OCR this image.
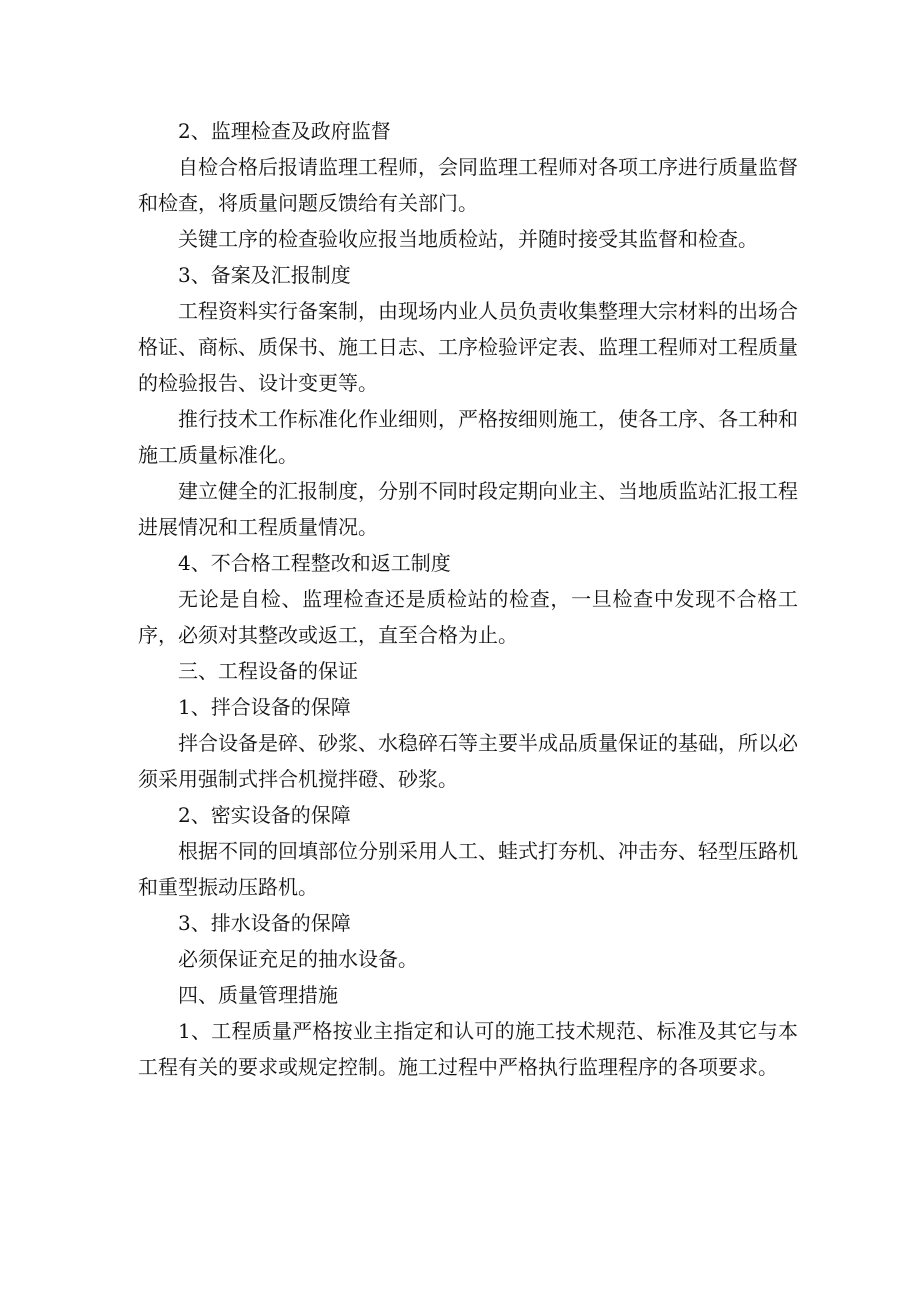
2、监理检查及政府监督

自检合格后报请监理工程师，会同监理工程师对各项工序进行质量监督和检查，将质量问题反馈给有关部门。

关键工序的检查验收应报当地质检站，并随时接受其监督和检查。

3、备案及汇报制度

工程资料实行备案制，由现场内业人员负责收集整理大宗材料的出场合格证、商标、质保书、施工日志、工序检验评定表、监理工程师对工程质量的检验报告、设计变更等。

推行技术工作标准化作业细则，严格按细则施工，使各工序、各工种和施工质量标准化。

建立健全的汇报制度，分别不同时段定期向业主、当地质监站汇报工程进展情况和工程质量情况。

4、不合格工程整改和返工制度

无论是自检、监理检查还是质检站的检查，一旦检查中发现不合格工序，必须对其整改或返工，直至合格为止。

三、工程设备的保证

1、拌合设备的保障

拌合设备是碎、砂浆、水稳碎石等主要半成品质量保证的基础，所以必须采用强制式拌合机搅拌磴、砂浆。

2、密实设备的保障

根据不同的回填部位分别采用人工、蛙式打夯机、冲击夯、轻型压路机和重型振动压路机。

3、排水设备的保障

必须保证充足的抽水设备。

四、质量管理措施

1、工程质量严格按业主指定和认可的施工技术规范、标准及其它与本工程有关的要求或规定控制。施工过程中严格执行监理程序的各项要求。
